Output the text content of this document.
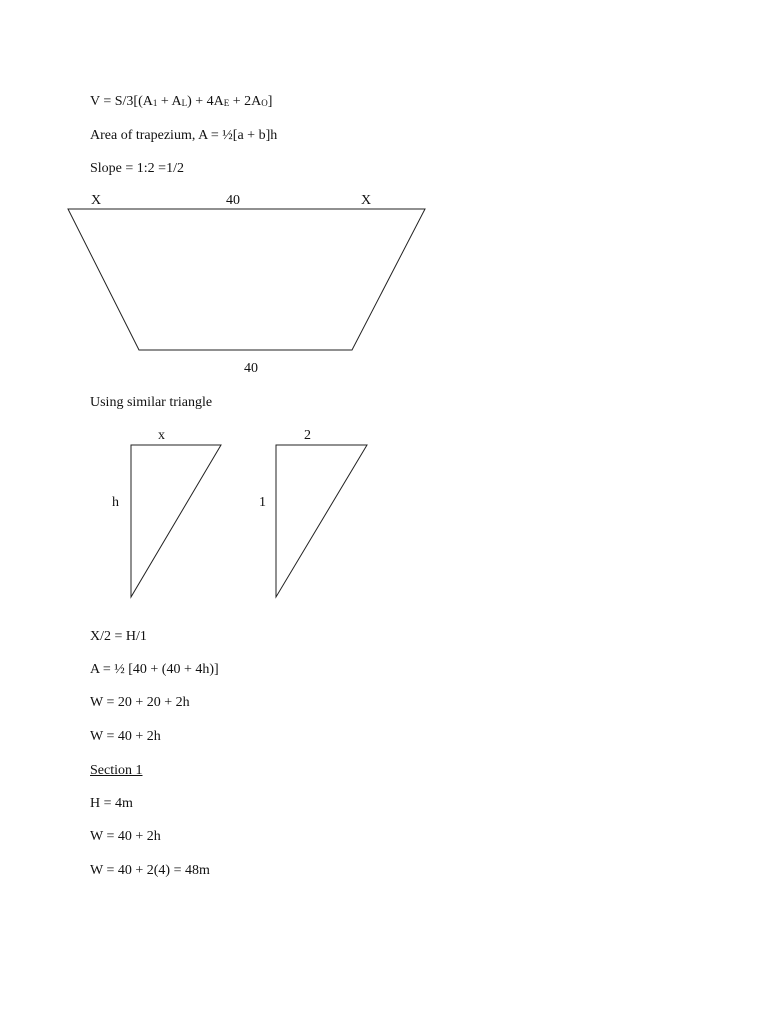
$V = S/3[(A_1 + A_L) + 4A_E + 2A_O]$
Area of trapezium, A = ½[a + b]h
Slope = 1:2 =1/2
X	40	X
40
Using similar triangle
x
h
2
1
X/2 = H/1
A = ½ [40 + (40 + 4h)]
W = 20 + 20 + 2h
W = 40 + 2h
Section 1
H = 4m
W = 40 + 2h
W = 40 + 2(4) = 48m
